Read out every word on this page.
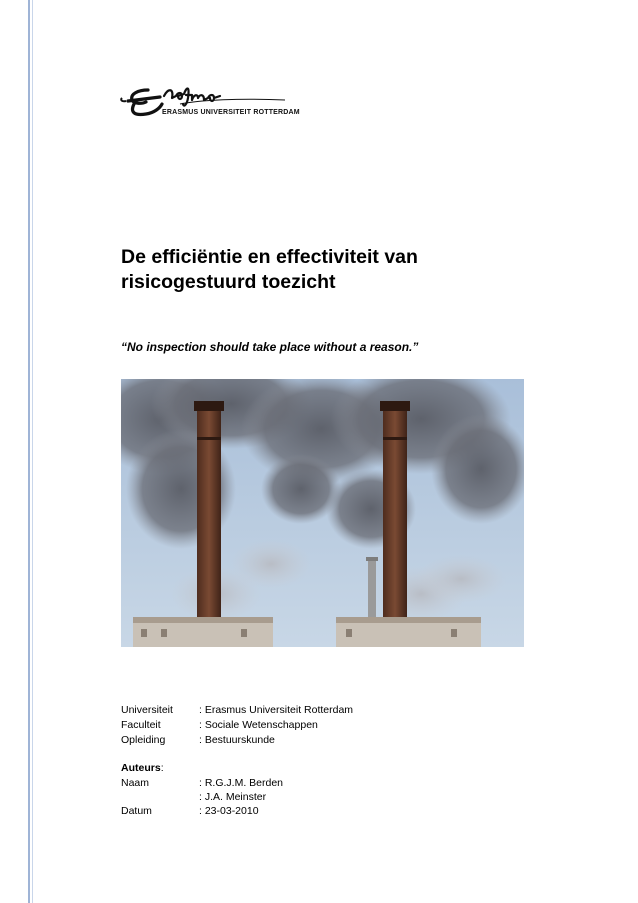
ERASMUS UNIVERSITEIT ROTTERDAM
De efficiëntie en effectiviteit van
risicogestuurd toezicht

“No inspection should take place without a reason.”

Universiteit : Erasmus Universiteit Rotterdam
Faculteit	: Sociale Wetenschappen
Opleiding	: Bestuurskunde
Auteurs:
Naam	: R.G.J.M. Berden
: J.A. Meinster
Datum	: 23-03-2010
